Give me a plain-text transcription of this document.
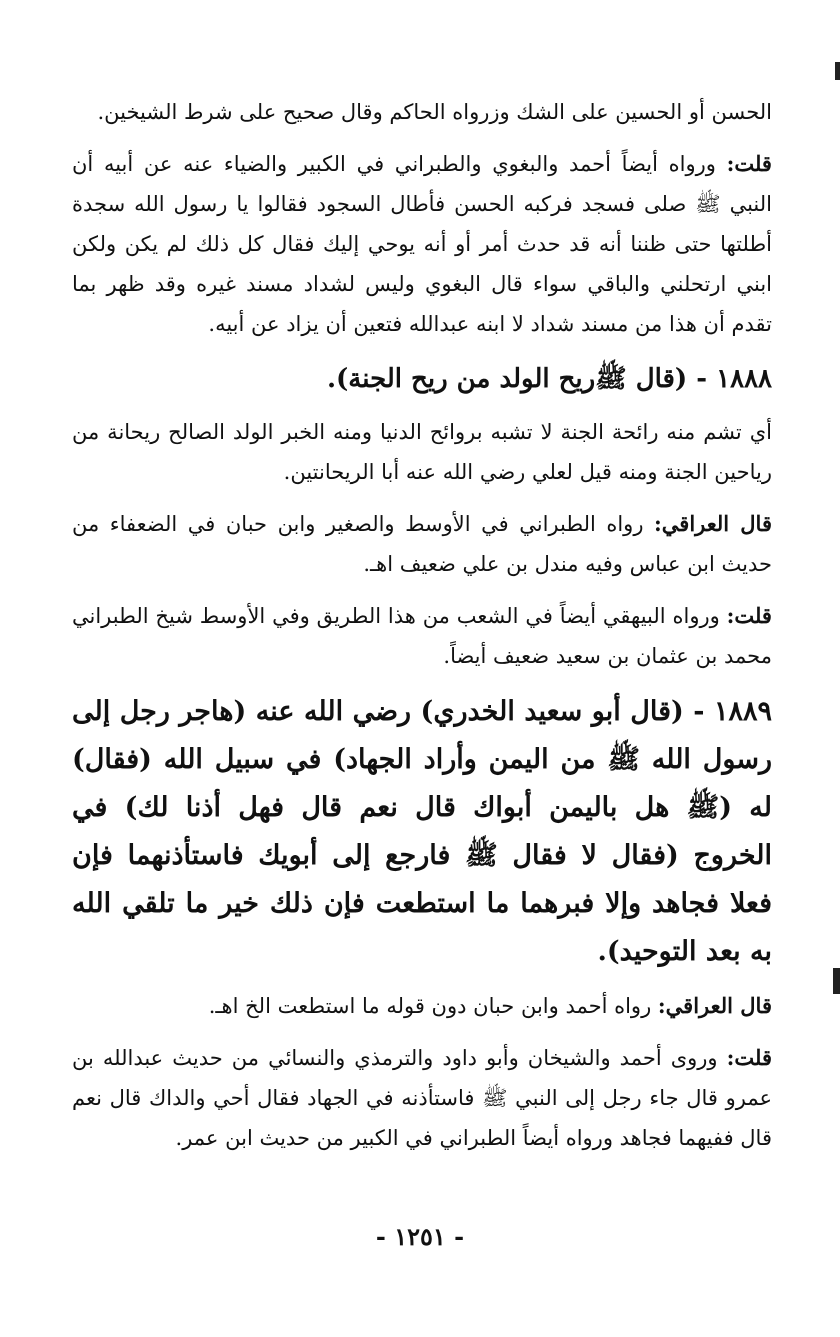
الحسن أو الحسين على الشك وزرواه الحاكم وقال صحيح على شرط الشيخين.

قلت: ورواه أيضاً أحمد والبغوي والطبراني في الكبير والضياء عنه عن أبيه أن النبي ﷺ صلى فسجد فركبه الحسن فأطال السجود فقالوا يا رسول الله سجدة أطلتها حتى ظننا أنه قد حدث أمر أو أنه يوحي إليك فقال كل ذلك لم يكن ولكن ابني ارتحلني والباقي سواء قال البغوي وليس لشداد مسند غيره وقد ظهر بما تقدم أن هذا من مسند شداد لا ابنه عبدالله فتعين أن يزاد عن أبيه.

١٨٨٨ - (قال ﷺريح الولد من ريح الجنة).

أي تشم منه رائحة الجنة لا تشبه بروائح الدنيا ومنه الخبر الولد الصالح ريحانة من رياحين الجنة ومنه قيل لعلي رضي الله عنه أبا الريحانتين.

قال العراقي: رواه الطبراني في الأوسط والصغير وابن حبان في الضعفاء من حديث ابن عباس وفيه مندل بن علي ضعيف اهـ.

قلت: ورواه البيهقي أيضاً في الشعب من هذا الطريق وفي الأوسط شيخ الطبراني محمد بن عثمان بن سعيد ضعيف أيضاً.

١٨٨٩ - (قال أبو سعيد الخدري) رضي الله عنه (هاجر رجل إلى رسول الله ﷺ من اليمن وأراد الجهاد) في سبيل الله (فقال) له (ﷺ هل باليمن أبواك قال نعم قال فهل أذنا لك) في الخروج (فقال لا فقال ﷺ فارجع إلى أبويك فاستأذنهما فإن فعلا فجاهد وإلا فبرهما ما استطعت فإن ذلك خير ما تلقي الله به بعد التوحيد).

قال العراقي: رواه أحمد وابن حبان دون قوله ما استطعت الخ اهـ.

قلت: وروى أحمد والشيخان وأبو داود والترمذي والنسائي من حديث عبدالله بن عمرو قال جاء رجل إلى النبي ﷺ فاستأذنه في الجهاد فقال أحي والداك قال نعم قال ففيهما فجاهد ورواه أيضاً الطبراني في الكبير من حديث ابن عمر.

- ١٢٥١ -
